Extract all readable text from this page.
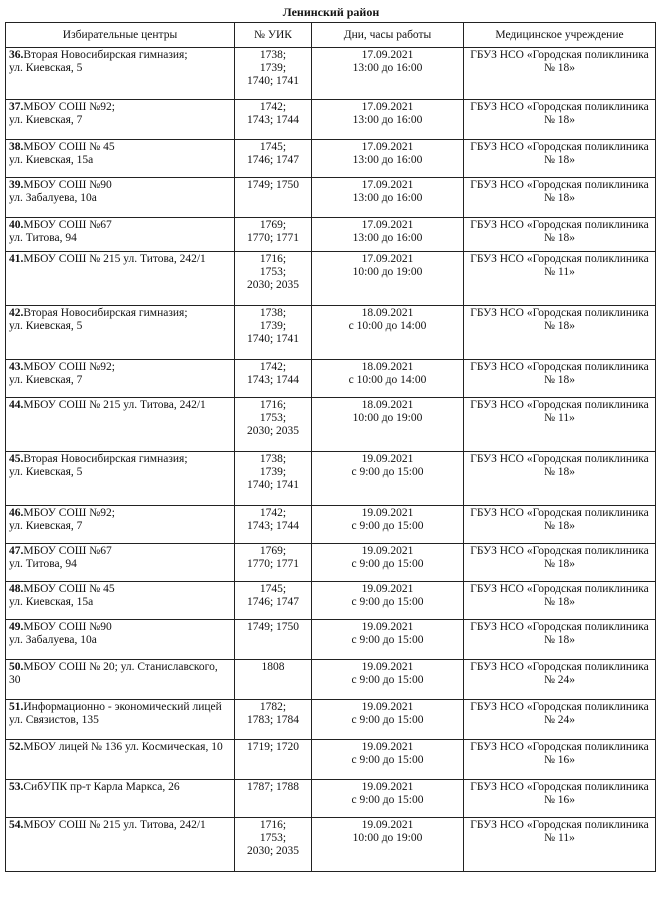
Ленинский район
Избирательные центры	№ УИК	Дни, часы работы	Медицинское учреждение

36.Вторая Новосибирская гимназия;
ул. Киевская, 5	1738;
1739;
1740; 1741	17.09.2021
13:00 до 16:00	ГБУЗ НСО «Городская поликлиника
№ 18»

37.МБОУ СОШ №92;
ул. Киевская, 7	1742;
1743; 1744	17.09.2021
13:00 до 16:00	ГБУЗ НСО «Городская поликлиника
№ 18»

38.МБОУ СОШ № 45
ул. Киевская, 15а	1745;
1746; 1747	17.09.2021
13:00 до 16:00	ГБУЗ НСО «Городская поликлиника
№ 18»

39.МБОУ СОШ №90
ул. Забалуева, 10а	1749; 1750	17.09.2021
13:00 до 16:00	ГБУЗ НСО «Городская поликлиника
№ 18»

40.МБОУ СОШ №67
ул. Титова, 94	1769;
1770; 1771	17.09.2021
13:00 до 16:00	ГБУЗ НСО «Городская поликлиника
№ 18»

41.МБОУ СОШ № 215 ул. Титова, 242/1	1716;
1753;
2030; 2035	17.09.2021
10:00 до 19:00	ГБУЗ НСО «Городская поликлиника
№ 11»

42.Вторая Новосибирская гимназия;
ул. Киевская, 5	1738;
1739;
1740; 1741	18.09.2021
с 10:00 до 14:00	ГБУЗ НСО «Городская поликлиника
№ 18»

43.МБОУ СОШ №92;
ул. Киевская, 7	1742;
1743; 1744	18.09.2021
с 10:00 до 14:00	ГБУЗ НСО «Городская поликлиника
№ 18»

44.МБОУ СОШ № 215 ул. Титова, 242/1	1716;
1753;
2030; 2035	18.09.2021
10:00 до 19:00	ГБУЗ НСО «Городская поликлиника
№ 11»

45.Вторая Новосибирская гимназия;
ул. Киевская, 5	1738;
1739;
1740; 1741	19.09.2021
с 9:00 до 15:00	ГБУЗ НСО «Городская поликлиника
№ 18»

46.МБОУ СОШ №92;
ул. Киевская, 7	1742;
1743; 1744	19.09.2021
с 9:00 до 15:00	ГБУЗ НСО «Городская поликлиника
№ 18»

47.МБОУ СОШ №67
ул. Титова, 94	1769;
1770; 1771	19.09.2021
с 9:00 до 15:00	ГБУЗ НСО «Городская поликлиника
№ 18»

48.МБОУ СОШ № 45
ул. Киевская, 15а	1745;
1746; 1747	19.09.2021
с 9:00 до 15:00	ГБУЗ НСО «Городская поликлиника
№ 18»

49.МБОУ СОШ №90
ул. Забалуева, 10а	1749; 1750	19.09.2021
с 9:00 до 15:00	ГБУЗ НСО «Городская поликлиника
№ 18»

50.МБОУ СОШ № 20; ул. Станиславского,
30	1808	19.09.2021
с 9:00 до 15:00	ГБУЗ НСО «Городская поликлиника
№ 24»

51.Информационно - экономический лицей
ул. Связистов, 135	1782;
1783; 1784	19.09.2021
с 9:00 до 15:00	ГБУЗ НСО «Городская поликлиника
№ 24»

52.МБОУ лицей № 136 ул. Космическая, 10	1719; 1720	19.09.2021
с 9:00 до 15:00	ГБУЗ НСО «Городская поликлиника
№ 16»

53.СибУПК пр-т Карла Маркса, 26	1787; 1788	19.09.2021
с 9:00 до 15:00	ГБУЗ НСО «Городская поликлиника
№ 16»

54.МБОУ СОШ № 215 ул. Титова, 242/1	1716;
1753;
2030; 2035	19.09.2021
10:00 до 19:00	ГБУЗ НСО «Городская поликлиника
№ 11»
